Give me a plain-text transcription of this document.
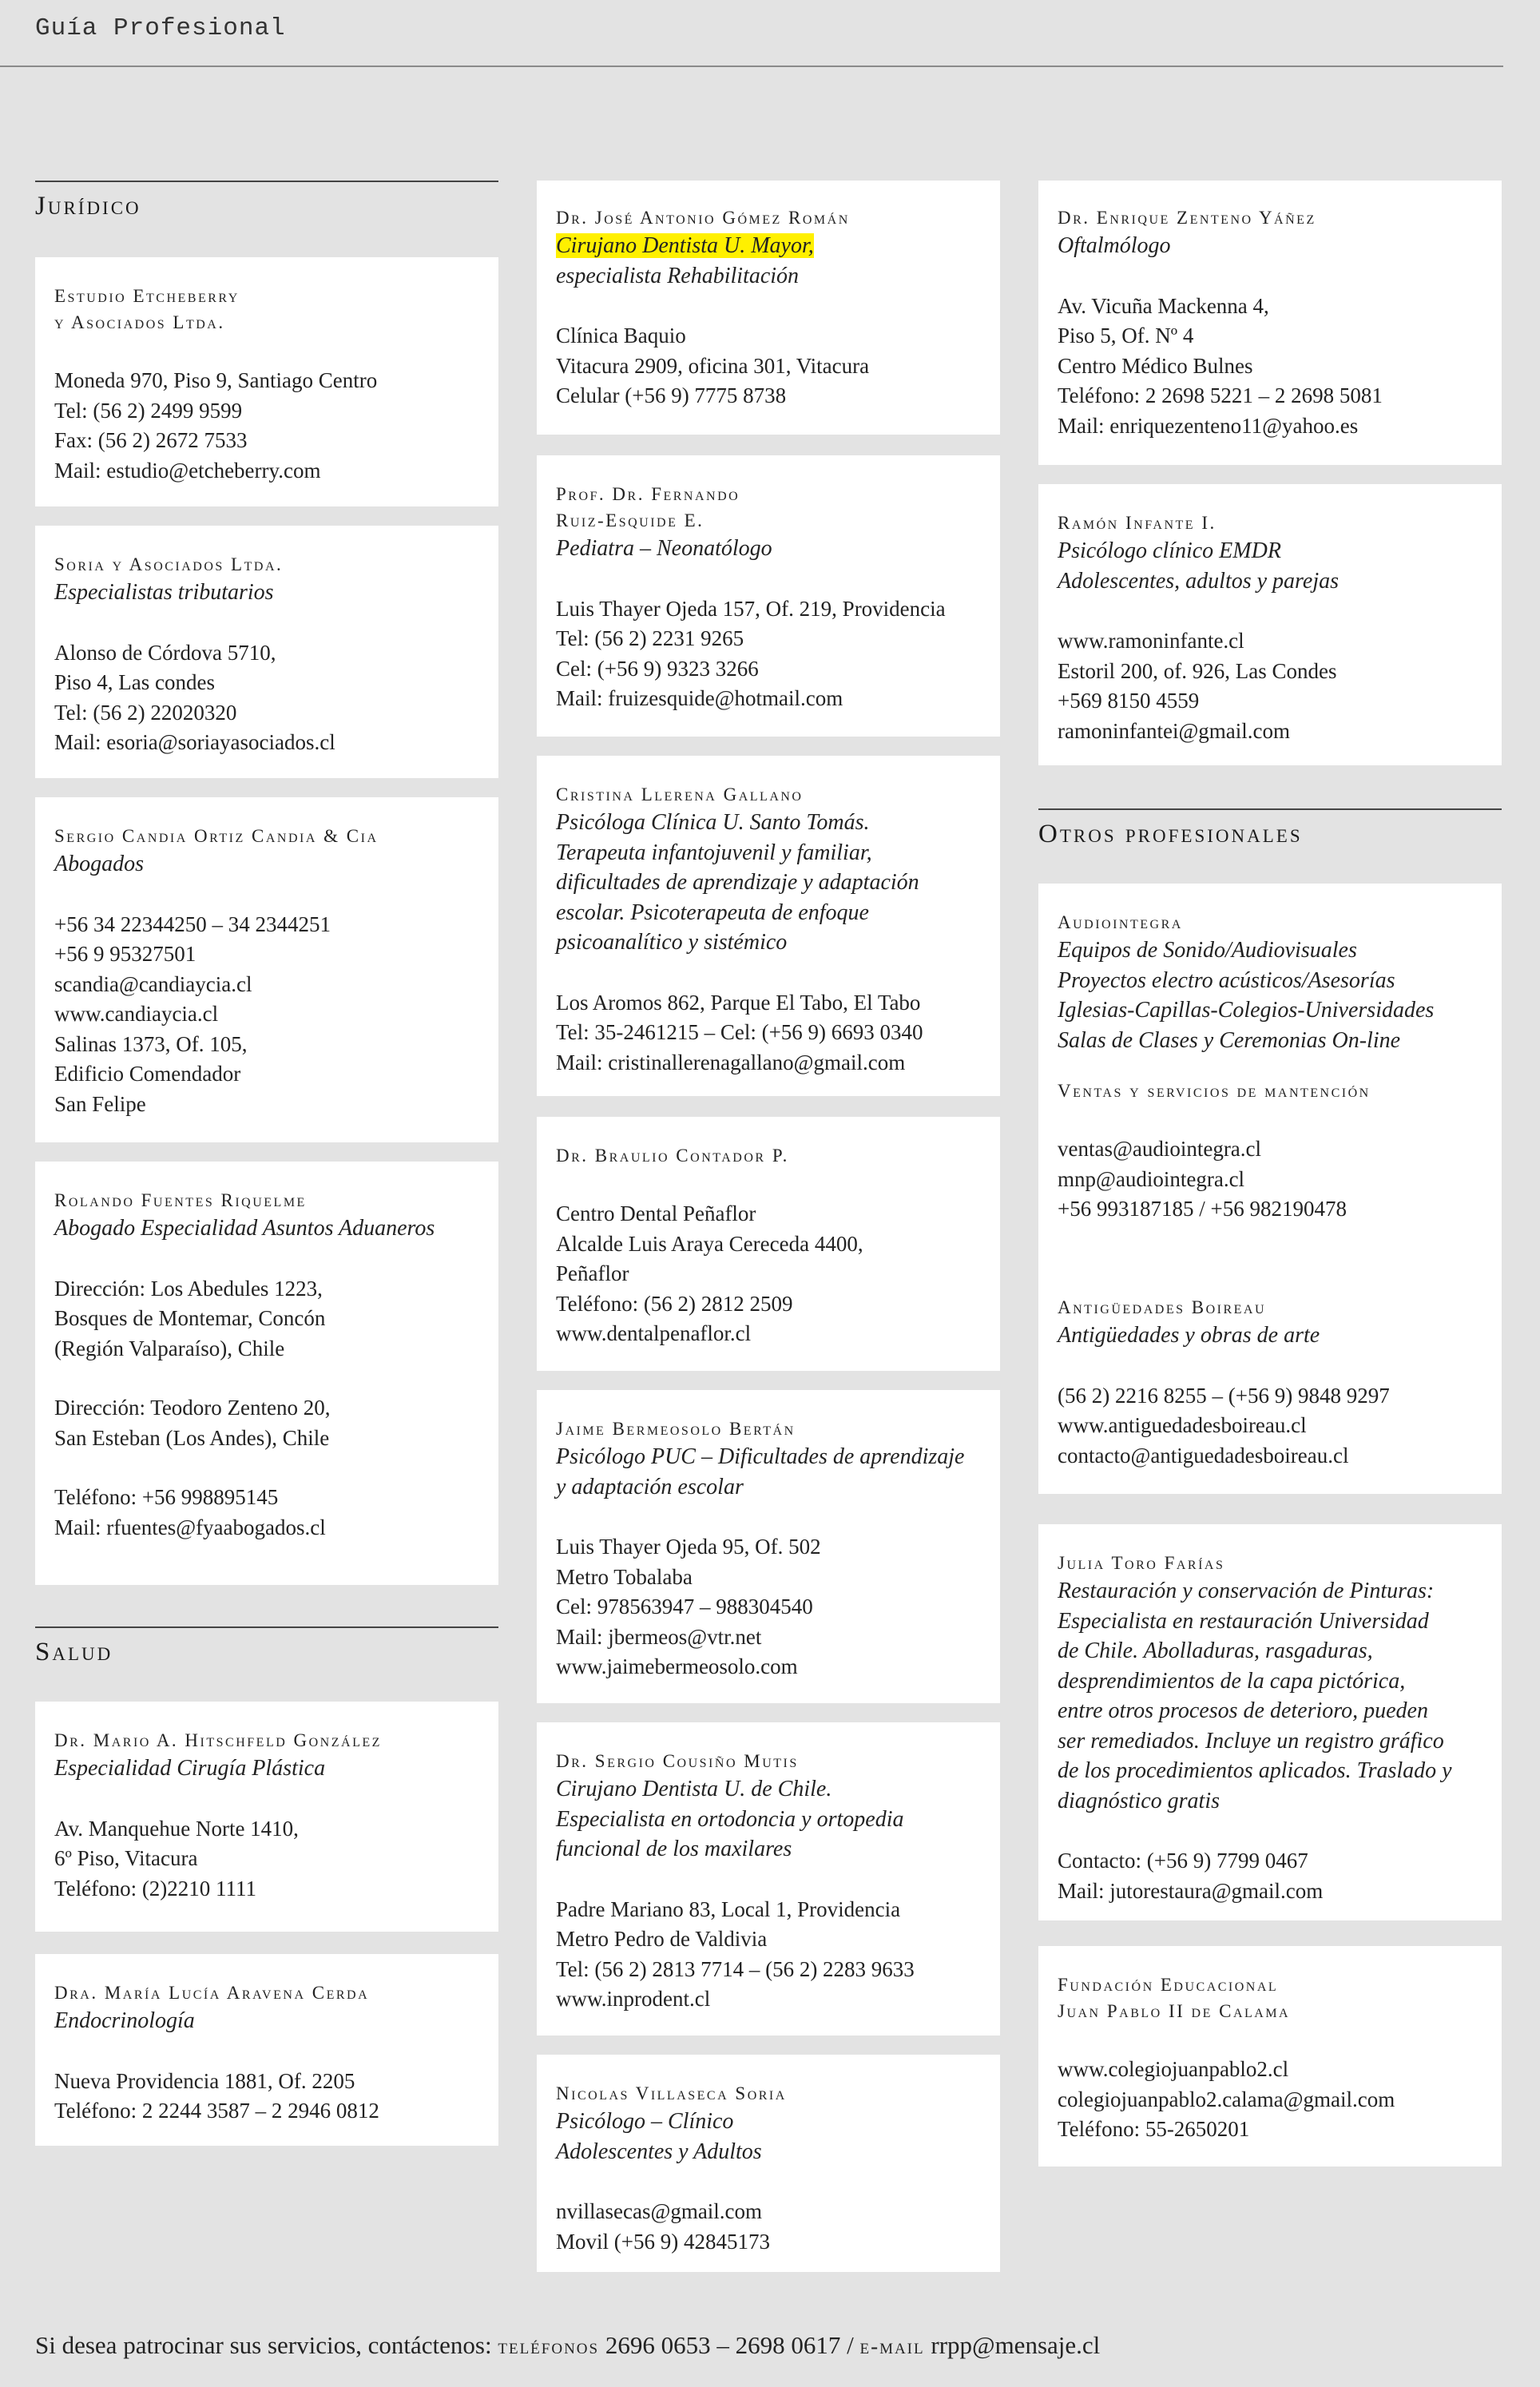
Guía Profesional
Jurídico
Estudio Etcheberry
y Asociados Ltda.
Moneda 970, Piso 9, Santiago Centro
Tel: (56 2) 2499 9599
Fax: (56 2) 2672 7533
Mail: estudio@etcheberry.com
Soria y Asociados Ltda.
Especialistas tributarios
Alonso de Córdova 5710,
Piso 4, Las condes
Tel: (56 2) 22020320
Mail: esoria@soriayasociados.cl
Sergio Candia Ortiz Candia & Cia
Abogados
+56 34 22344250 – 34 2344251
+56 9 95327501
scandia@candiaycia.cl
www.candiaycia.cl
Salinas 1373, Of. 105,
Edificio Comendador
San Felipe
Rolando Fuentes Riquelme
Abogado Especialidad Asuntos Aduaneros
Dirección: Los Abedules 1223,
Bosques de Montemar, Concón
(Región Valparaíso), Chile
Dirección: Teodoro Zenteno 20,
San Esteban (Los Andes), Chile
Teléfono: +56 998895145
Mail: rfuentes@fyaabogados.cl
Salud
Dr. Mario A. Hitschfeld González
Especialidad Cirugía Plástica
Av. Manquehue Norte 1410,
6º Piso, Vitacura
Teléfono: (2)2210 1111
Dra. María Lucía Aravena Cerda
Endocrinología
Nueva Providencia 1881, Of. 2205
Teléfono: 2 2244 3587 – 2 2946 0812
Dr. José Antonio Gómez Román
Cirujano Dentista U. Mayor,
especialista Rehabilitación
Clínica Baquio
Vitacura 2909, oficina 301, Vitacura
Celular (+56 9) 7775 8738
Prof. Dr. Fernando
Ruiz-Esquide E.
Pediatra – Neonatólogo
Luis Thayer Ojeda 157, Of. 219, Providencia
Tel: (56 2) 2231 9265
Cel: (+56 9) 9323 3266
Mail: fruizesquide@hotmail.com
Cristina Llerena Gallano
Psicóloga Clínica U. Santo Tomás.
Terapeuta infantojuvenil y familiar,
dificultades de aprendizaje y adaptación
escolar. Psicoterapeuta de enfoque
psicoanalítico y sistémico
Los Aromos 862, Parque El Tabo, El Tabo
Tel: 35-2461215 – Cel: (+56 9) 6693 0340
Mail: cristinallerenagallano@gmail.com
Dr. Braulio Contador P.
Centro Dental Peñaflor
Alcalde Luis Araya Cereceda 4400,
Peñaflor
Teléfono: (56 2) 2812 2509
www.dentalpenaflor.cl
Jaime Bermeosolo Bertán
Psicólogo PUC – Dificultades de aprendizaje
y adaptación escolar
Luis Thayer Ojeda 95, Of. 502
Metro Tobalaba
Cel: 978563947 – 988304540
Mail: jbermeos@vtr.net
www.jaimebermeosolo.com
Dr. Sergio Cousiño Mutis
Cirujano Dentista U. de Chile.
Especialista en ortodoncia y ortopedia
funcional de los maxilares
Padre Mariano 83, Local 1, Providencia
Metro Pedro de Valdivia
Tel: (56 2) 2813 7714 – (56 2) 2283 9633
www.inprodent.cl
Nicolas Villaseca Soria
Psicólogo – Clínico
Adolescentes y Adultos
nvillasecas@gmail.com
Movil (+56 9) 42845173
Dr. Enrique Zenteno Yáñez
Oftalmólogo
Av. Vicuña Mackenna 4,
Piso 5, Of. Nº 4
Centro Médico Bulnes
Teléfono: 2 2698 5221 – 2 2698 5081
Mail: enriquezenteno11@yahoo.es
Ramón Infante I.
Psicólogo clínico EMDR
Adolescentes, adultos y parejas
www.ramoninfante.cl
Estoril 200, of. 926, Las Condes
+569 8150 4559
ramoninfantei@gmail.com
Otros profesionales
Audiointegra
Equipos de Sonido/Audiovisuales
Proyectos electro acústicos/Asesorías
Iglesias-Capillas-Colegios-Universidades
Salas de Clases y Ceremonias On-line
Ventas y servicios de mantención
ventas@audiointegra.cl
mnp@audiointegra.cl
+56 993187185 / +56 982190478
Antigüedades Boireau
Antigüedades y obras de arte
(56 2) 2216 8255 – (+56 9) 9848 9297
www.antiguedadesboireau.cl
contacto@antiguedadesboireau.cl
Julia Toro Farías
Restauración y conservación de Pinturas:
Especialista en restauración Universidad
de Chile. Abolladuras, rasgaduras,
desprendimientos de la capa pictórica,
entre otros procesos de deterioro, pueden
ser remediados. Incluye un registro gráfico
de los procedimientos aplicados. Traslado y
diagnóstico gratis
Contacto: (+56 9) 7799 0467
Mail: jutorestaura@gmail.com
Fundación Educacional
Juan Pablo II de Calama
www.colegiojuanpablo2.cl
colegiojuanpablo2.calama@gmail.com
Teléfono: 55-2650201
Si desea patrocinar sus servicios, contáctenos: teléfonos 2696 0653 – 2698 0617 / e-mail rrpp@mensaje.cl
